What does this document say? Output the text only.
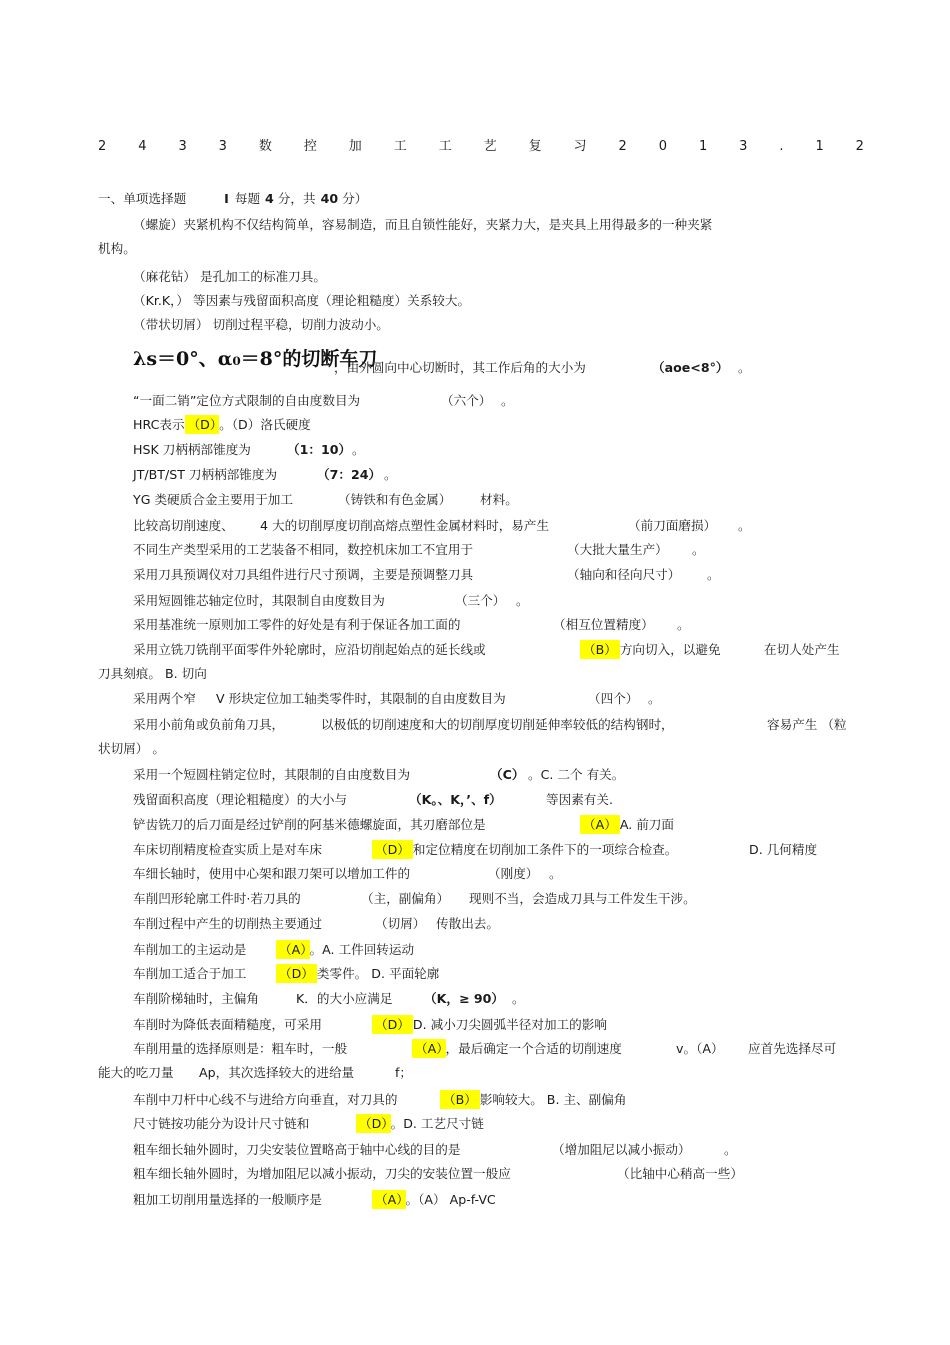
2 4 3 3 数 控 加 工 工 艺 复 习 2 0 1 3 . 1 2
一、单项选择题	I 每题 4 分，共 40 分）
（螺旋）夹紧机构不仅结构简单，容易制造，而且自锁性能好，夹紧力大，是夹具上用得最多的一种夹紧
机构。
（麻花钻） 是孔加工的标准刀具。
（Kr.K，） 等因素与残留面积高度（理论粗糙度）关系较大。
（带状切屑） 切削过程平稳，切削力波动小。
λs＝0°、α₀＝8°的切断车刀
，由外圆向中心切断时，其工作后角的大小为	（aoe<8°） 。
“一面二销”定位方式限制的自由度数目为	（六个） 。
HRC表示 （D） 。（D）洛氏硬度
HSK 刀柄柄部锥度为	（1：10） 。
JT/BT/ST 刀柄柄部锥度为	（7：24） 。
YG 类硬质合金主要用于加工	（铸铁和有色金属） 材料。
比较高切削速度、 4 大的切削厚度切削高熔点塑性金属材料时，易产生	（前刀面磨损） 。
不同生产类型采用的工艺装备不相同，数控机床加工不宜用于	（大批大量生产） 。
采用刀具预调仪对刀具组件进行尺寸预调，主要是预调整刀具	（轴向和径向尺寸） 。
采用短圆锥芯轴定位时，其限制自由度数目为	（三个） 。
采用基准统一原则加工零件的好处是有利于保证各加工面的	（相互位置精度） 。
采用立铣刀铣削平面零件外轮廓时，应沿切削起始点的延长线或	（B） 方向切入，以避免	在切人处产生
刀具刻痕。 B. 切向
采用两个窄 V 形块定位加工轴类零件时，其限制的自由度数目为	（四个） 。
采用小前角或负前角刀具，	以极低的切削速度和大的切削厚度切削延伸率较低的结构钢时，	容易产生 （粒
状切屑） 。
采用一个短圆柱销定位时，其限制的自由度数目为	（C） 。C. 二个 有关。
残留面积高度（理论粗糙度）的大小与	（K。、K，’、f）	等因素有关.
铲齿铣刀的后刀面是经过铲削的阿基米德螺旋面，其刃磨部位是	（A） A. 前刀面
车床切削精度检查实质上是对车床	（D） 和定位精度在切削加工条件下的一项综合检查。	D. 几何精度
车细长轴时，使用中心架和跟刀架可以增加工件的	（刚度） 。
车削凹形轮廓工件时·若刀具的	（主，副偏角） 现则不当，会造成刀具与工件发生干涉。
车削过程中产生的切削热主要通过	（切屑） 传散出去。
车削加工的主运动是	（A） 。A. 工件回转运动
车削加工适合于加工	（D） 类零件。 D. 平面轮廓
车削阶梯轴时，主偏角	K．的大小应满足	（K，≥ 90） 。
车削时为降低表面精糙度，可采用	（D） D. 减小刀尖圆弧半径对加工的影响
车削用量的选择原则是：粗车时，一般	（A） ，最后确定一个合适的切削速度	v。（A） 应首先选择尽可
能大的吃刀量 Ap，其次选择较大的进给量	f；
车削中刀杆中心线不与进给方向垂直，对刀具的	（B） 影响较大。 B. 主、副偏角
尺寸链按功能分为设计尺寸链和	（D） 。D. 工艺尺寸链
粗车细长轴外圆时，刀尖安装位置略高于轴中心线的目的是	（增加阻尼以减小振动）	。
粗车细长轴外圆时，为增加阻尼以减小振动，刀尖的安装位置一般应	（比轴中心稍高一些）
粗加工切削用量选择的一般顺序是	（A） 。（A） Ap-f-VC
